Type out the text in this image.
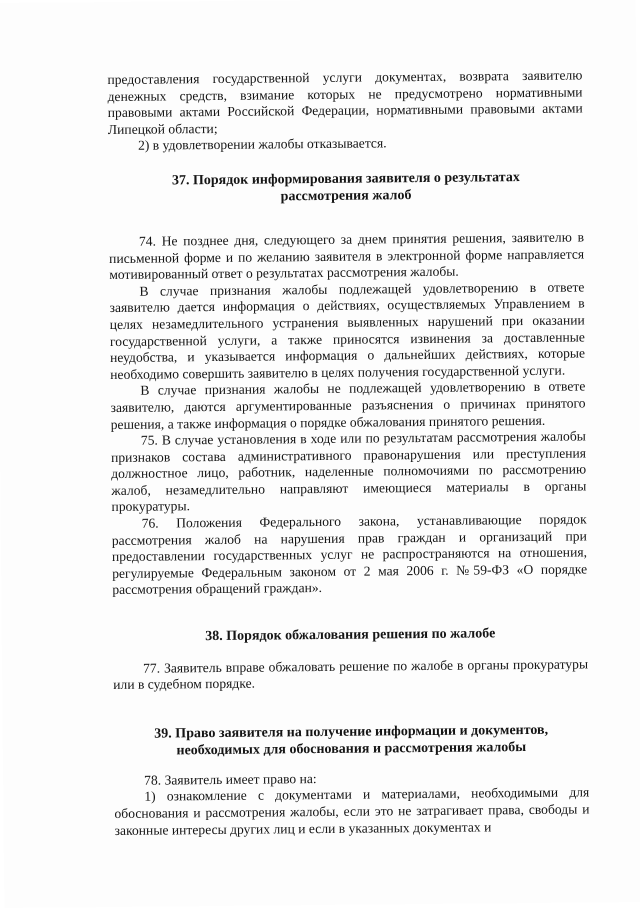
предоставления государственной услуги документах, возврата заявителю денежных средств, взимание которых не предусмотрено нормативными правовыми актами Российской Федерации, нормативными правовыми актами Липецкой области;

2) в удовлетворении жалобы отказывается.

37. Порядок информирования заявителя о результатах
рассмотрения жалоб

74. Не позднее дня, следующего за днем принятия решения, заявителю в письменной форме и по желанию заявителя в электронной форме направляется мотивированный ответ о результатах рассмотрения жалобы.

В случае признания жалобы подлежащей удовлетворению в ответе заявителю дается информация о действиях, осуществляемых Управлением в целях незамедлительного устранения выявленных нарушений при оказании государственной услуги, а также приносятся извинения за доставленные неудобства, и указывается информация о дальнейших действиях, которые необходимо совершить заявителю в целях получения государственной услуги.

В случае признания жалобы не подлежащей удовлетворению в ответе заявителю, даются аргументированные разъяснения о причинах принятого решения, а также информация о порядке обжалования принятого решения.

75. В случае установления в ходе или по результатам рассмотрения жалобы признаков состава административного правонарушения или преступления должностное лицо, работник, наделенные полномочиями по рассмотрению жалоб, незамедлительно направляют имеющиеся материалы в органы прокуратуры.

76. Положения Федерального закона, устанавливающие порядок рассмотрения жалоб на нарушения прав граждан и организаций при предоставлении государственных услуг не распространяются на отношения, регулируемые Федеральным законом от 2 мая 2006 г. №59-ФЗ «О порядке рассмотрения обращений граждан».

38. Порядок обжалования решения по жалобе

77. Заявитель вправе обжаловать решение по жалобе в органы прокуратуры или в судебном порядке.

39. Право заявителя на получение информации и документов,
необходимых для обоснования и рассмотрения жалобы

78. Заявитель имеет право на:

1) ознакомление с документами и материалами, необходимыми для обоснования и рассмотрения жалобы, если это не затрагивает права, свободы и законные интересы других лиц и если в указанных документах и
